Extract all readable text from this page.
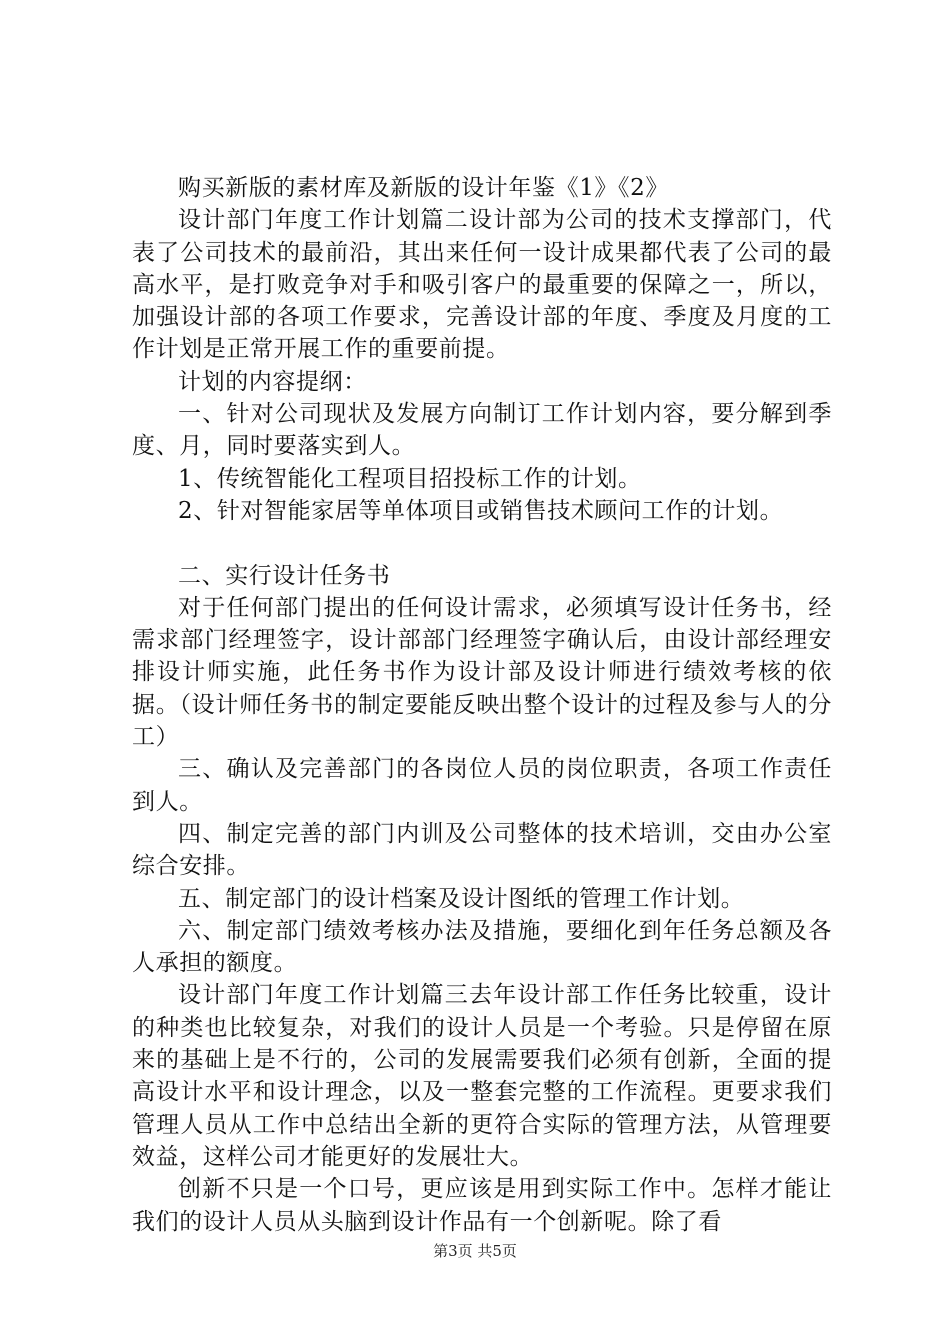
购买新版的素材库及新版的设计年鉴《1》《2》

设计部门年度工作计划篇二设计部为公司的技术支撑部门，代表了公司技术的最前沿，其出来任何一设计成果都代表了公司的最高水平，是打败竞争对手和吸引客户的最重要的保障之一，所以，加强设计部的各项工作要求，完善设计部的年度、季度及月度的工作计划是正常开展工作的重要前提。

计划的内容提纲：

一、针对公司现状及发展方向制订工作计划内容，要分解到季度、月，同时要落实到人。

1、传统智能化工程项目招投标工作的计划。

2、针对智能家居等单体项目或销售技术顾问工作的计划。

二、实行设计任务书

对于任何部门提出的任何设计需求，必须填写设计任务书，经需求部门经理签字，设计部部门经理签字确认后，由设计部经理安排设计师实施，此任务书作为设计部及设计师进行绩效考核的依据。（设计师任务书的制定要能反映出整个设计的过程及参与人的分工）

三、确认及完善部门的各岗位人员的岗位职责，各项工作责任到人。

四、制定完善的部门内训及公司整体的技术培训，交由办公室综合安排。

五、制定部门的设计档案及设计图纸的管理工作计划。

六、制定部门绩效考核办法及措施，要细化到年任务总额及各人承担的额度。

设计部门年度工作计划篇三去年设计部工作任务比较重，设计的种类也比较复杂，对我们的设计人员是一个考验。只是停留在原来的基础上是不行的，公司的发展需要我们必须有创新，全面的提高设计水平和设计理念，以及一整套完整的工作流程。更要求我们管理人员从工作中总结出全新的更符合实际的管理方法，从管理要效益，这样公司才能更好的发展壮大。

创新不只是一个口号，更应该是用到实际工作中。怎样才能让我们的设计人员从头脑到设计作品有一个创新呢。除了看

第3页 共5页
